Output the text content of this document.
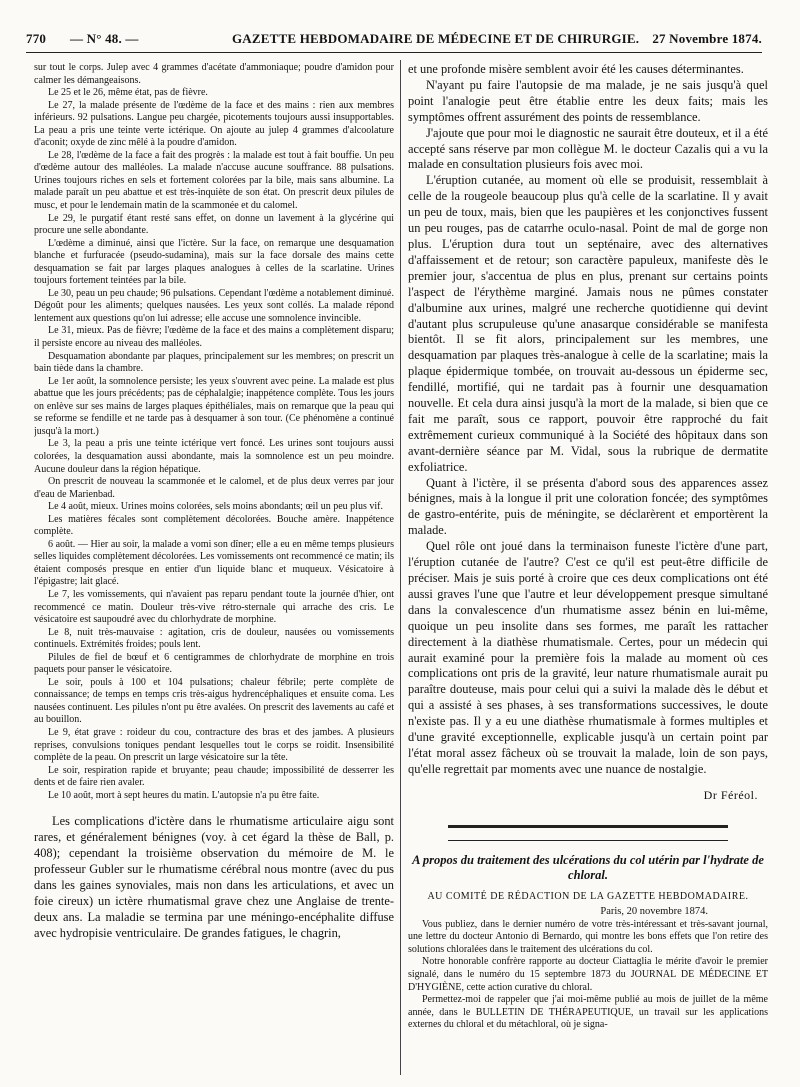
770 — N° 48. —	GAZETTE HEBDOMADAIRE DE MÉDECINE ET DE CHIRURGIE. 27 Novembre 1874.

sur tout le corps. Julep avec 4 grammes d'acétate d'ammoniaque; poudre d'amidon pour calmer les démangeaisons.

Le 25 et le 26, même état, pas de fièvre.

Le 27, la malade présente de l'œdème de la face et des mains : rien aux membres inférieurs. 92 pulsations. Langue peu chargée, picotements toujours aussi insupportables. La peau a pris une teinte verte ictérique. On ajoute au julep 4 grammes d'alcoolature d'aconit; oxyde de zinc mêlé à la poudre d'amidon.

Le 28, l'œdème de la face a fait des progrès : la malade est tout à fait bouffie. Un peu d'œdème autour des malléoles. La malade n'accuse aucune souffrance. 88 pulsations. Urines toujours riches en sels et fortement colorées par la bile, mais sans albumine. La malade paraît un peu abattue et est très-inquiète de son état. On prescrit deux pilules de musc, et pour le lendemain matin de la scammonée et du calomel.

Le 29, le purgatif étant resté sans effet, on donne un lavement à la glycérine qui procure une selle abondante.

L'œdème a diminué, ainsi que l'ictère. Sur la face, on remarque une desquamation blanche et furfuracée (pseudo-sudamina), mais sur la face dorsale des mains cette desquamation se fait par larges plaques analogues à celles de la scarlatine. Urines toujours fortement teintées par la bile.

Le 30, peau un peu chaude; 96 pulsations. Cependant l'œdème a notablement diminué. Dégoût pour les aliments; quelques nausées. Les yeux sont collés. La malade répond lentement aux questions qu'on lui adresse; elle accuse une somnolence invincible.

Le 31, mieux. Pas de fièvre; l'œdème de la face et des mains a complètement disparu; il persiste encore au niveau des malléoles.

Desquamation abondante par plaques, principalement sur les membres; on prescrit un bain tiède dans la chambre.

Le 1er août, la somnolence persiste; les yeux s'ouvrent avec peine. La malade est plus abattue que les jours précédents; pas de céphalalgie; inappétence complète. Tous les jours on enlève sur ses mains de larges plaques épithéliales, mais on remarque que la peau qui se reforme se fendille et ne tarde pas à desquamer à son tour. (Ce phénomène a continué jusqu'à la mort.)

Le 3, la peau a pris une teinte ictérique vert foncé. Les urines sont toujours aussi colorées, la desquamation aussi abondante, mais la somnolence est un peu moindre. Aucune douleur dans la région hépatique.

On prescrit de nouveau la scammonée et le calomel, et de plus deux verres par jour d'eau de Marienbad.

Le 4 août, mieux. Urines moins colorées, sels moins abondants; œil un peu plus vif.

Les matières fécales sont complètement décolorées. Bouche amère. Inappétence complète.

6 août. — Hier au soir, la malade a vomi son dîner; elle a eu en même temps plusieurs selles liquides complètement décolorées. Les vomissements ont recommencé ce matin; ils étaient composés presque en entier d'un liquide blanc et muqueux. Vésicatoire à l'épigastre; lait glacé.

Le 7, les vomissements, qui n'avaient pas reparu pendant toute la journée d'hier, ont recommencé ce matin. Douleur très-vive rétro-sternale qui arrache des cris. Le vésicatoire est saupoudré avec du chlorhydrate de morphine.

Le 8, nuit très-mauvaise : agitation, cris de douleur, nausées ou vomissements continuels. Extrémités froides; pouls lent.

Pilules de fiel de bœuf et 6 centigrammes de chlorhydrate de morphine en trois paquets pour panser le vésicatoire.

Le soir, pouls à 100 et 104 pulsations; chaleur fébrile; perte complète de connaissance; de temps en temps cris très-aigus hydrencéphaliques et ensuite coma. Les nausées continuent. Les pilules n'ont pu être avalées. On prescrit des lavements au café et au bouillon.

Le 9, état grave : roideur du cou, contracture des bras et des jambes. A plusieurs reprises, convulsions toniques pendant lesquelles tout le corps se roidit. Insensibilité complète de la peau. On prescrit un large vésicatoire sur la tête.

Le soir, respiration rapide et bruyante; peau chaude; impossibilité de desserrer les dents et de faire rien avaler.

Le 10 août, mort à sept heures du matin. L'autopsie n'a pu être faite.

Les complications d'ictère dans le rhumatisme articulaire aigu sont rares, et généralement bénignes (voy. à cet égard la thèse de Ball, p. 408); cependant la troisième observation du mémoire de M. le professeur Gubler sur le rhumatisme cérébral nous montre (avec du pus dans les gaines synoviales, mais non dans les articulations, et avec un foie cireux) un ictère rhumatismal grave chez une Anglaise de trente-deux ans. La maladie se termina par une méningo-encéphalite diffuse avec hydropisie ventriculaire. De grandes fatigues, le chagrin,

et une profonde misère semblent avoir été les causes déterminantes.

N'ayant pu faire l'autopsie de ma malade, je ne sais jusqu'à quel point l'analogie peut être établie entre les deux faits; mais les symptômes offrent assurément des points de ressemblance.

J'ajoute que pour moi le diagnostic ne saurait être douteux, et il a été accepté sans réserve par mon collègue M. le docteur Cazalis qui a vu la malade en consultation plusieurs fois avec moi.

L'éruption cutanée, au moment où elle se produisit, ressemblait à celle de la rougeole beaucoup plus qu'à celle de la scarlatine. Il y avait un peu de toux, mais, bien que les paupières et les conjonctives fussent un peu rouges, pas de catarrhe oculo-nasal. Point de mal de gorge non plus. L'éruption dura tout un septénaire, avec des alternatives d'affaissement et de retour; son caractère papuleux, manifeste dès le premier jour, s'accentua de plus en plus, prenant sur certains points l'aspect de l'érythème marginé. Jamais nous ne pûmes constater d'albumine aux urines, malgré une recherche quotidienne qui devint d'autant plus scrupuleuse qu'une anasarque considérable se manifesta bientôt. Il se fit alors, principalement sur les membres, une desquamation par plaques très-analogue à celle de la scarlatine; mais la plaque épidermique tombée, on trouvait au-dessous un épiderme sec, fendillé, mortifié, qui ne tardait pas à fournir une desquamation nouvelle. Et cela dura ainsi jusqu'à la mort de la malade, si bien que ce fait me paraît, sous ce rapport, pouvoir être rapproché du fait extrêmement curieux communiqué à la Société des hôpitaux dans son avant-dernière séance par M. Vidal, sous la rubrique de dermatite exfoliatrice.

Quant à l'ictère, il se présenta d'abord sous des apparences assez bénignes, mais à la longue il prit une coloration foncée; des symptômes de gastro-entérite, puis de méningite, se déclarèrent et emportèrent la malade.

Quel rôle ont joué dans la terminaison funeste l'ictère d'une part, l'éruption cutanée de l'autre? C'est ce qu'il est peut-être difficile de préciser. Mais je suis porté à croire que ces deux complications ont été aussi graves l'une que l'autre et leur développement presque simultané dans la convalescence d'un rhumatisme assez bénin en lui-même, quoique un peu insolite dans ses formes, me paraît les rattacher directement à la diathèse rhumatismale. Certes, pour un médecin qui aurait examiné pour la première fois la malade au moment où ces complications ont pris de la gravité, leur nature rhumatismale aurait pu paraître douteuse, mais pour celui qui a suivi la malade dès le début et qui a assisté à ses phases, à ses transformations successives, le doute n'existe pas. Il y a eu une diathèse rhumatismale à formes multiples et d'une gravité exceptionnelle, explicable jusqu'à un certain point par l'état moral assez fâcheux où se trouvait la malade, loin de son pays, qu'elle regrettait par moments avec une nuance de nostalgie.

Dr Féréol.
A propos du traitement des ulcérations du col utérin par l'hydrate de chloral.
AU COMITÉ DE RÉDACTION DE LA GAZETTE HEBDOMADAIRE.
Paris, 20 novembre 1874.

Vous publiez, dans le dernier numéro de votre très-intéressant et très-savant journal, une lettre du docteur Antonio di Bernardo, qui montre les bons effets que l'on retire des solutions chloralées dans le traitement des ulcérations du col.

Notre honorable confrère rapporte au docteur Ciattaglia le mérite d'avoir le premier signalé, dans le numéro du 15 septembre 1873 du JOURNAL DE MÉDECINE ET D'HYGIÈNE, cette action curative du chloral.

Permettez-moi de rappeler que j'ai moi-même publié au mois de juillet de la même année, dans le BULLETIN DE THÉRAPEUTIQUE, un travail sur les applications externes du chloral et du métachloral, où je signa-
